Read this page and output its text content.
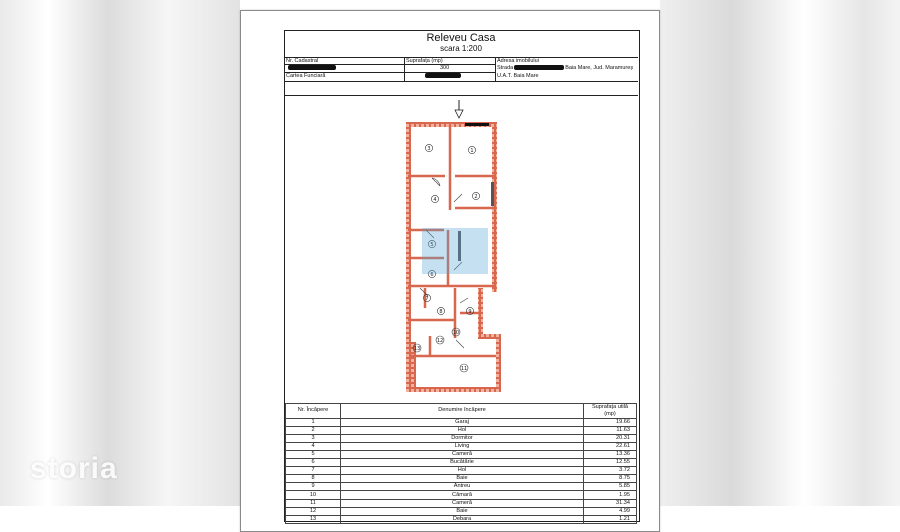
storia
Releveu Casa
scara 1:200
Nr. Cadastral
Cartea Funciară
Suprafața (mp)
300
Adresa imobilului
Strada	Baia Mare, Jud. Maramureș
U.A.T. Baia Mare
3	1
4	2
5
6
7
8	9
10
12
13
11
Nr. Încăpere	Denumire încăpere	Suprafața utilă (mp)
1	Garaj	19.66
2	Hol	11.63
3	Dormitor	20.31
4	Living	22.61
5	Cameră	13.36
6	Bucătărie	12.55
7	Hol	3.72
8	Baie	8.75
9	Antreu	5.85
10	Cămară	1.95
11	Cameră	31.34
12	Baie	4.99
13	Debara	1.21
